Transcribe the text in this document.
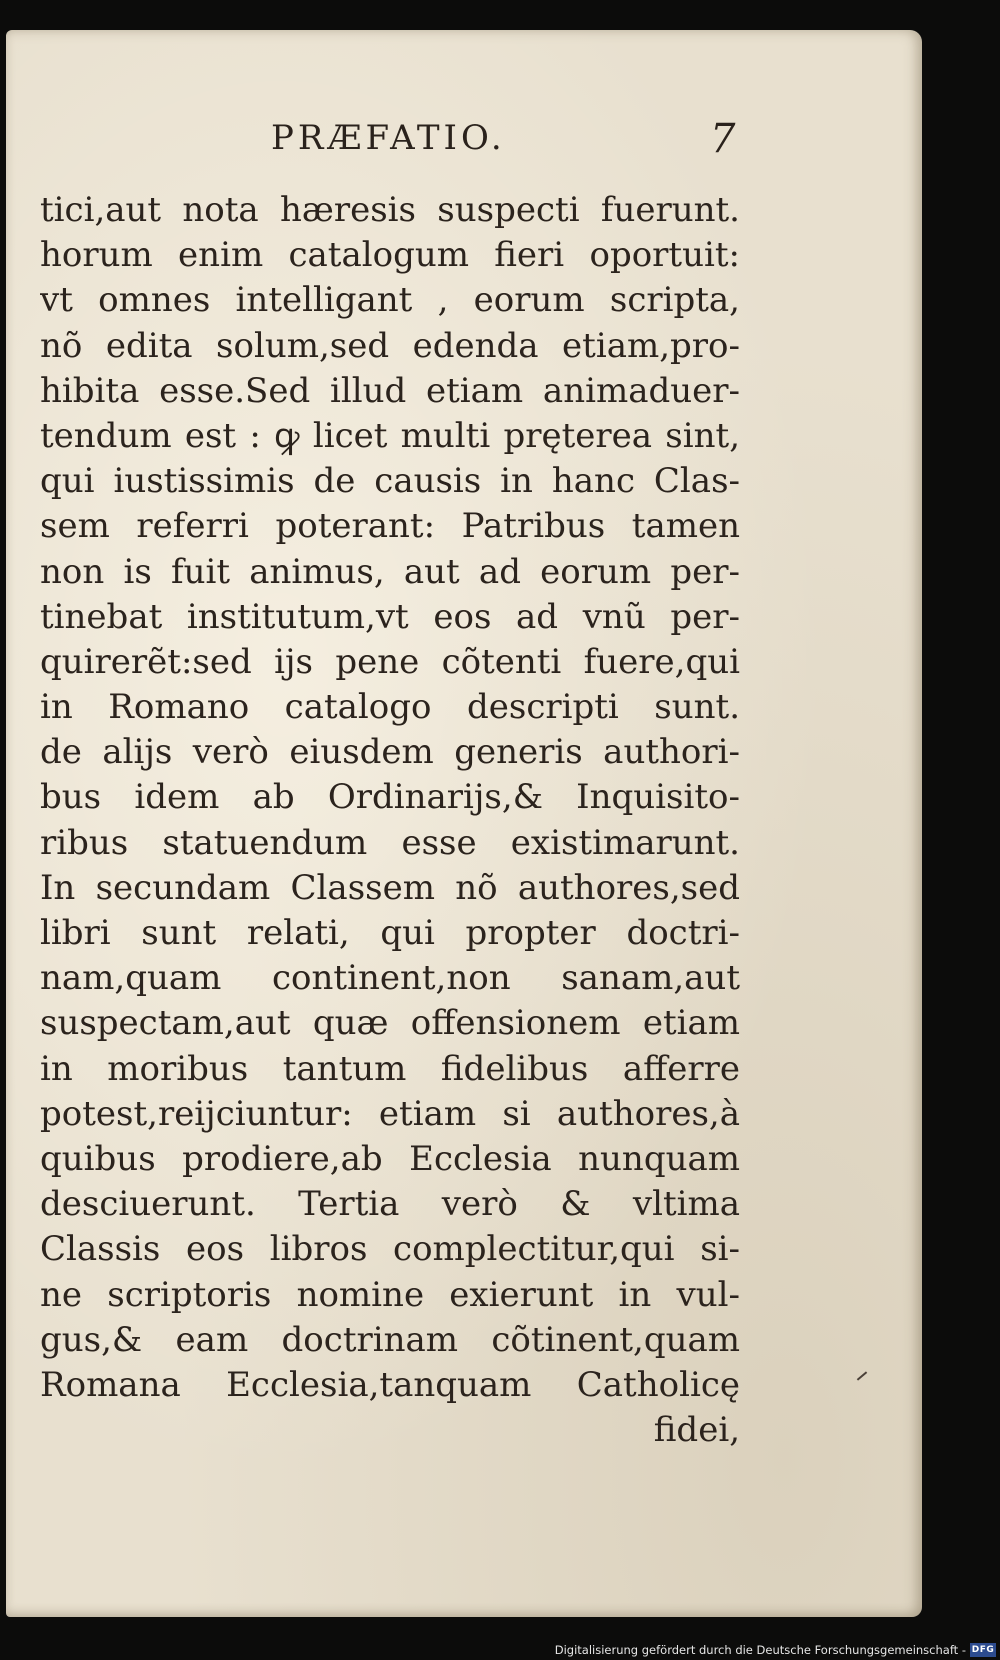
PRÆFATIO.	7
tici,aut nota hæresis suspecti fuerunt.
horum enim catalogum fieri oportuit:
vt omnes intelligant , eorum scripta,
nõ edita solum,sed edenda etiam,pro-
hibita esse.Sed illud etiam animaduer-
tendum est : ꝙ licet multi pręterea sint,
qui iustissimis de causis in hanc Clas-
sem referri poterant: Patribus tamen
non is fuit animus, aut ad eorum per-
tinebat institutum,vt eos ad vnũ per-
quirerẽt:sed ijs pene cõtenti fuere,qui
in Romano catalogo descripti sunt.
de alijs verò eiusdem generis authori-
bus idem ab Ordinarijs,& Inquisito-
ribus statuendum esse existimarunt.
In secundam Classem nõ authores,sed
libri sunt relati, qui propter doctri-
nam,quam continent,non sanam,aut
suspectam,aut quæ offensionem etiam
in moribus tantum fidelibus afferre
potest,reijciuntur: etiam si authores,à
quibus prodiere,ab Ecclesia nunquam
desciuerunt. Tertia verò & vltima
Classis eos libros complectitur,qui si-
ne scriptoris nomine exierunt in vul-
gus,& eam doctrinam cõtinent,quam
Romana Ecclesia,tanquam Catholicę
fidei,
Digitalisierung gefördert durch die Deutsche Forschungsgemeinschaft - DFG
